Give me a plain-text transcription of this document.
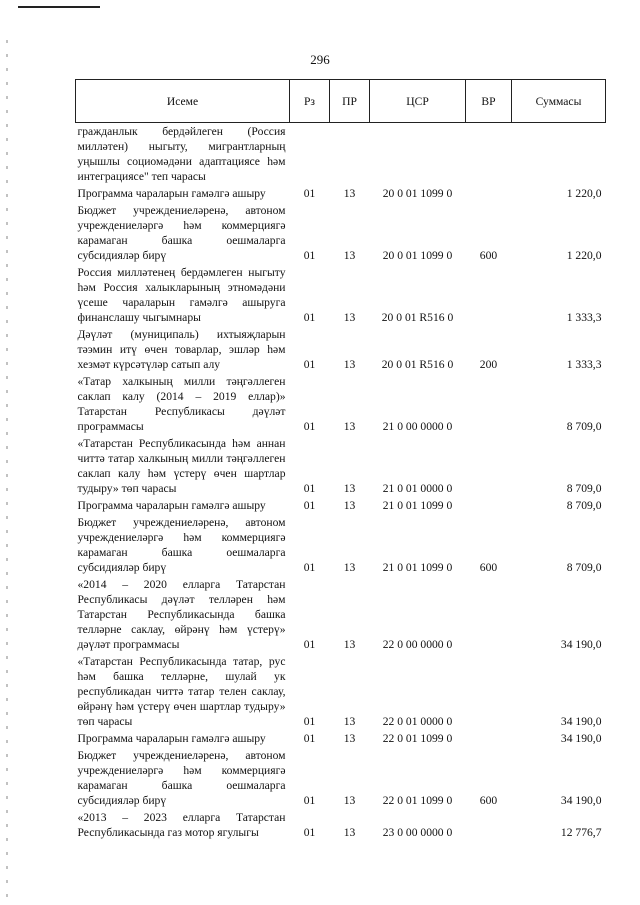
296
Исеме	Рз	ПР	ЦСР	ВР	Суммасы
гражданлык бердәйлеген (Россия милләтен) ныгыту, мигрантларның уңышлы социомәдәни адаптациясе һәм интеграциясе" теп чарасы					
Программа чараларын гамәлгә ашыру	01	13	20 0 01 1099 0		1 220,0
Бюджет учреждениеләренә, автоном учреждениеләргә һәм коммерциягә карамаган башка оешмаларга субсидияләр бирү	01	13	20 0 01 1099 0	600	1 220,0
Россия милләтенең бердәмлеген ныгыту һәм Россия халыкларының этномәдәни үсеше чараларын гамәлгә ашыруга финанслашу чыгымнары	01	13	20 0 01 R516 0		1 333,3
Дәүләт (муниципаль) ихтыяҗларын тәэмин итү өчен товарлар, эшләр һәм хезмәт күрсәтүләр сатып алу	01	13	20 0 01 R516 0	200	1 333,3
«Татар халкының милли тәңгәллеген саклап калу (2014 – 2019 еллар)» Татарстан Республикасы дәүләт программасы	01	13	21 0 00 0000 0		8 709,0
«Татарстан Республикасында һәм аннан читтә татар халкының милли тәңгәллеген саклап калу һәм үстерү өчен шартлар тудыру» төп чарасы	01	13	21 0 01 0000 0		8 709,0
Программа чараларын гамәлгә ашыру	01	13	21 0 01 1099 0		8 709,0
Бюджет учреждениеләренә, автоном учреждениеләргә һәм коммерциягә карамаган башка оешмаларга субсидияләр бирү	01	13	21 0 01 1099 0	600	8 709,0
«2014 – 2020 елларга Татарстан Республикасы дәүләт телләрен һәм Татарстан Республикасында башка телләрне саклау, өйрәнү һәм үстерү» дәүләт программасы	01	13	22 0 00 0000 0		34 190,0
«Татарстан Республикасында татар, рус һәм башка телләрне, шулай ук республикадан читтә татар телен саклау, өйрәнү һәм үстерү өчен шартлар тудыру» төп чарасы	01	13	22 0 01 0000 0		34 190,0
Программа чараларын гамәлгә ашыру	01	13	22 0 01 1099 0		34 190,0
Бюджет учреждениеләренә, автоном учреждениеләргә һәм коммерциягә карамаган башка оешмаларга субсидияләр бирү	01	13	22 0 01 1099 0	600	34 190,0
«2013 – 2023 елларга Татарстан Республикасында газ мотор ягулыгы	01	13	23 0 00 0000 0		12 776,7
